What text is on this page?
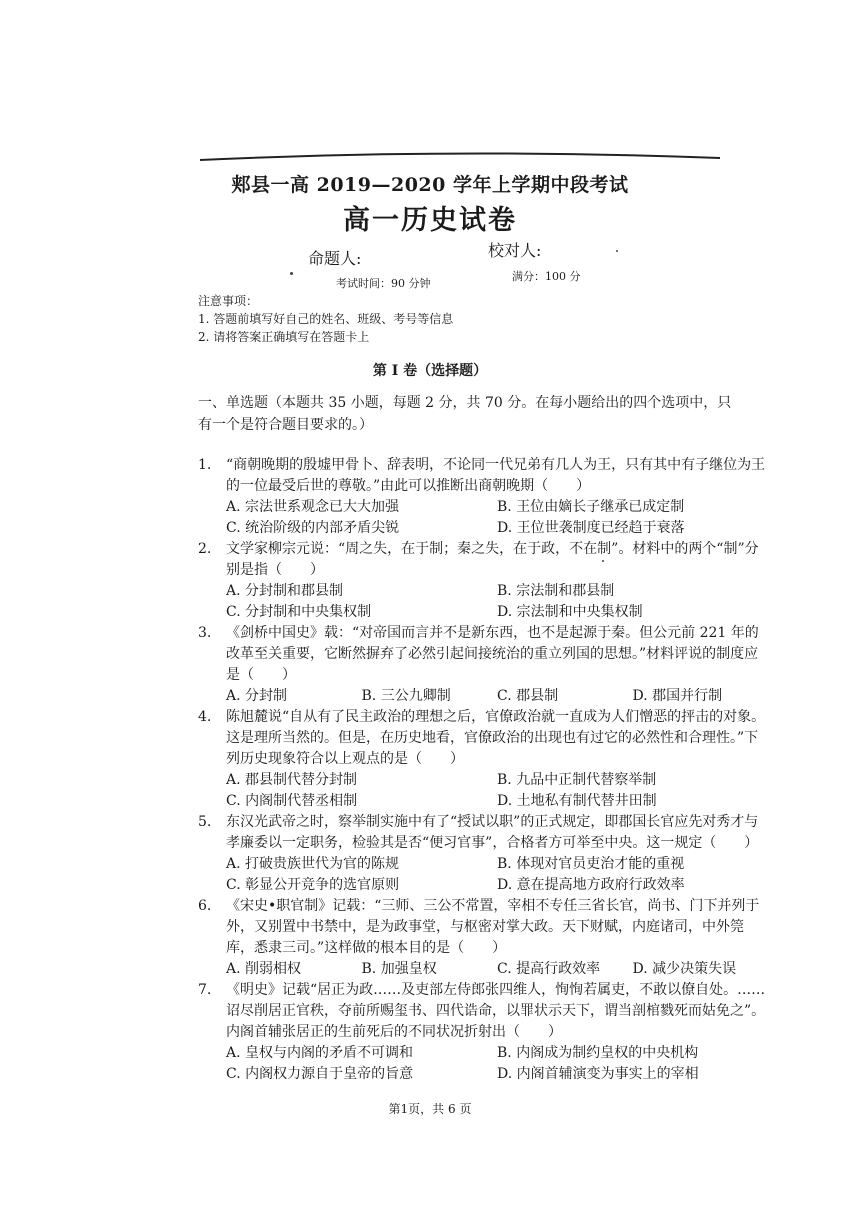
郏县一高 2019—2020 学年上学期中段考试
高一历史试卷
命题人:	校对人:
考试时间：90 分钟
满分：100 分
注意事项：
1. 答题前填写好自己的姓名、班级、考号等信息
2. 请将答案正确填写在答题卡上
第 I 卷（选择题）
一、单选题（本题共 35 小题，每题 2 分，共 70 分。在每小题给出的四个选项中，只有一个是符合题目要求的。）
1.	“商朝晚期的殷墟甲骨卜、辞表明，不论同一代兄弟有几人为王，只有其中有子继位为王的一位最受后世的尊敬。”由此可以推断出商朝晚期（　　）
A. 宗法世系观念已大大加强	B. 王位由嫡长子继承已成定制
C. 统治阶级的内部矛盾尖锐	D. 王位世袭制度已经趋于衰落
2.	文学家柳宗元说：“周之失，在于制；秦之失，在于政，不在制”。材料中的两个“制”分别是指（　　）
A. 分封制和郡县制	B. 宗法制和郡县制
C. 分封制和中央集权制	D. 宗法制和中央集权制
3.	《剑桥中国史》载：“对帝国而言并不是新东西，也不是起源于秦。但公元前 221 年的改革至关重要，它断然摒弃了必然引起间接统治的重立列国的思想。”材料评说的制度应是（　　）
A. 分封制	B. 三公九卿制	C. 郡县制	D. 郡国并行制
4.	陈旭麓说“自从有了民主政治的理想之后，官僚政治就一直成为人们憎恶的抨击的对象。这是理所当然的。但是，在历史地看，官僚政治的出现也有过它的必然性和合理性。”下列历史现象符合以上观点的是（　　）
A. 郡县制代替分封制	B. 九品中正制代替察举制
C. 内阁制代替丞相制	D. 土地私有制代替井田制
5.	东汉光武帝之时，察举制实施中有了“授试以职”的正式规定，即郡国长官应先对秀才与孝廉委以一定职务，检验其是否“便习官事”，合格者方可举至中央。这一规定（　　）
A. 打破贵族世代为官的陈规	B. 体现对官员吏治才能的重视
C. 彰显公开竞争的选官原则	D. 意在提高地方政府行政效率
6.	《宋史•职官制》记载：“三师、三公不常置，宰相不专任三省长官，尚书、门下并列于外，又别置中书禁中，是为政事堂，与枢密对掌大政。天下财赋，内庭诸司，中外筦库，悉隶三司。”这样做的根本目的是（　　）
A. 削弱相权	B. 加强皇权	C. 提高行政效率	D. 减少决策失误
7.	《明史》记载“居正为政……及吏部左侍郎张四维人，恂恂若属吏，不敢以僚自处。……诏尽削居正官秩，夺前所赐玺书、四代诰命，以罪状示天下，谓当剖棺戮死而姑免之”。内阁首辅张居正的生前死后的不同状况折射出（　　）
A. 皇权与内阁的矛盾不可调和	B. 内阁成为制约皇权的中央机构
C. 内阁权力源自于皇帝的旨意	D. 内阁首辅演变为事实上的宰相
第1页，共 6 页
